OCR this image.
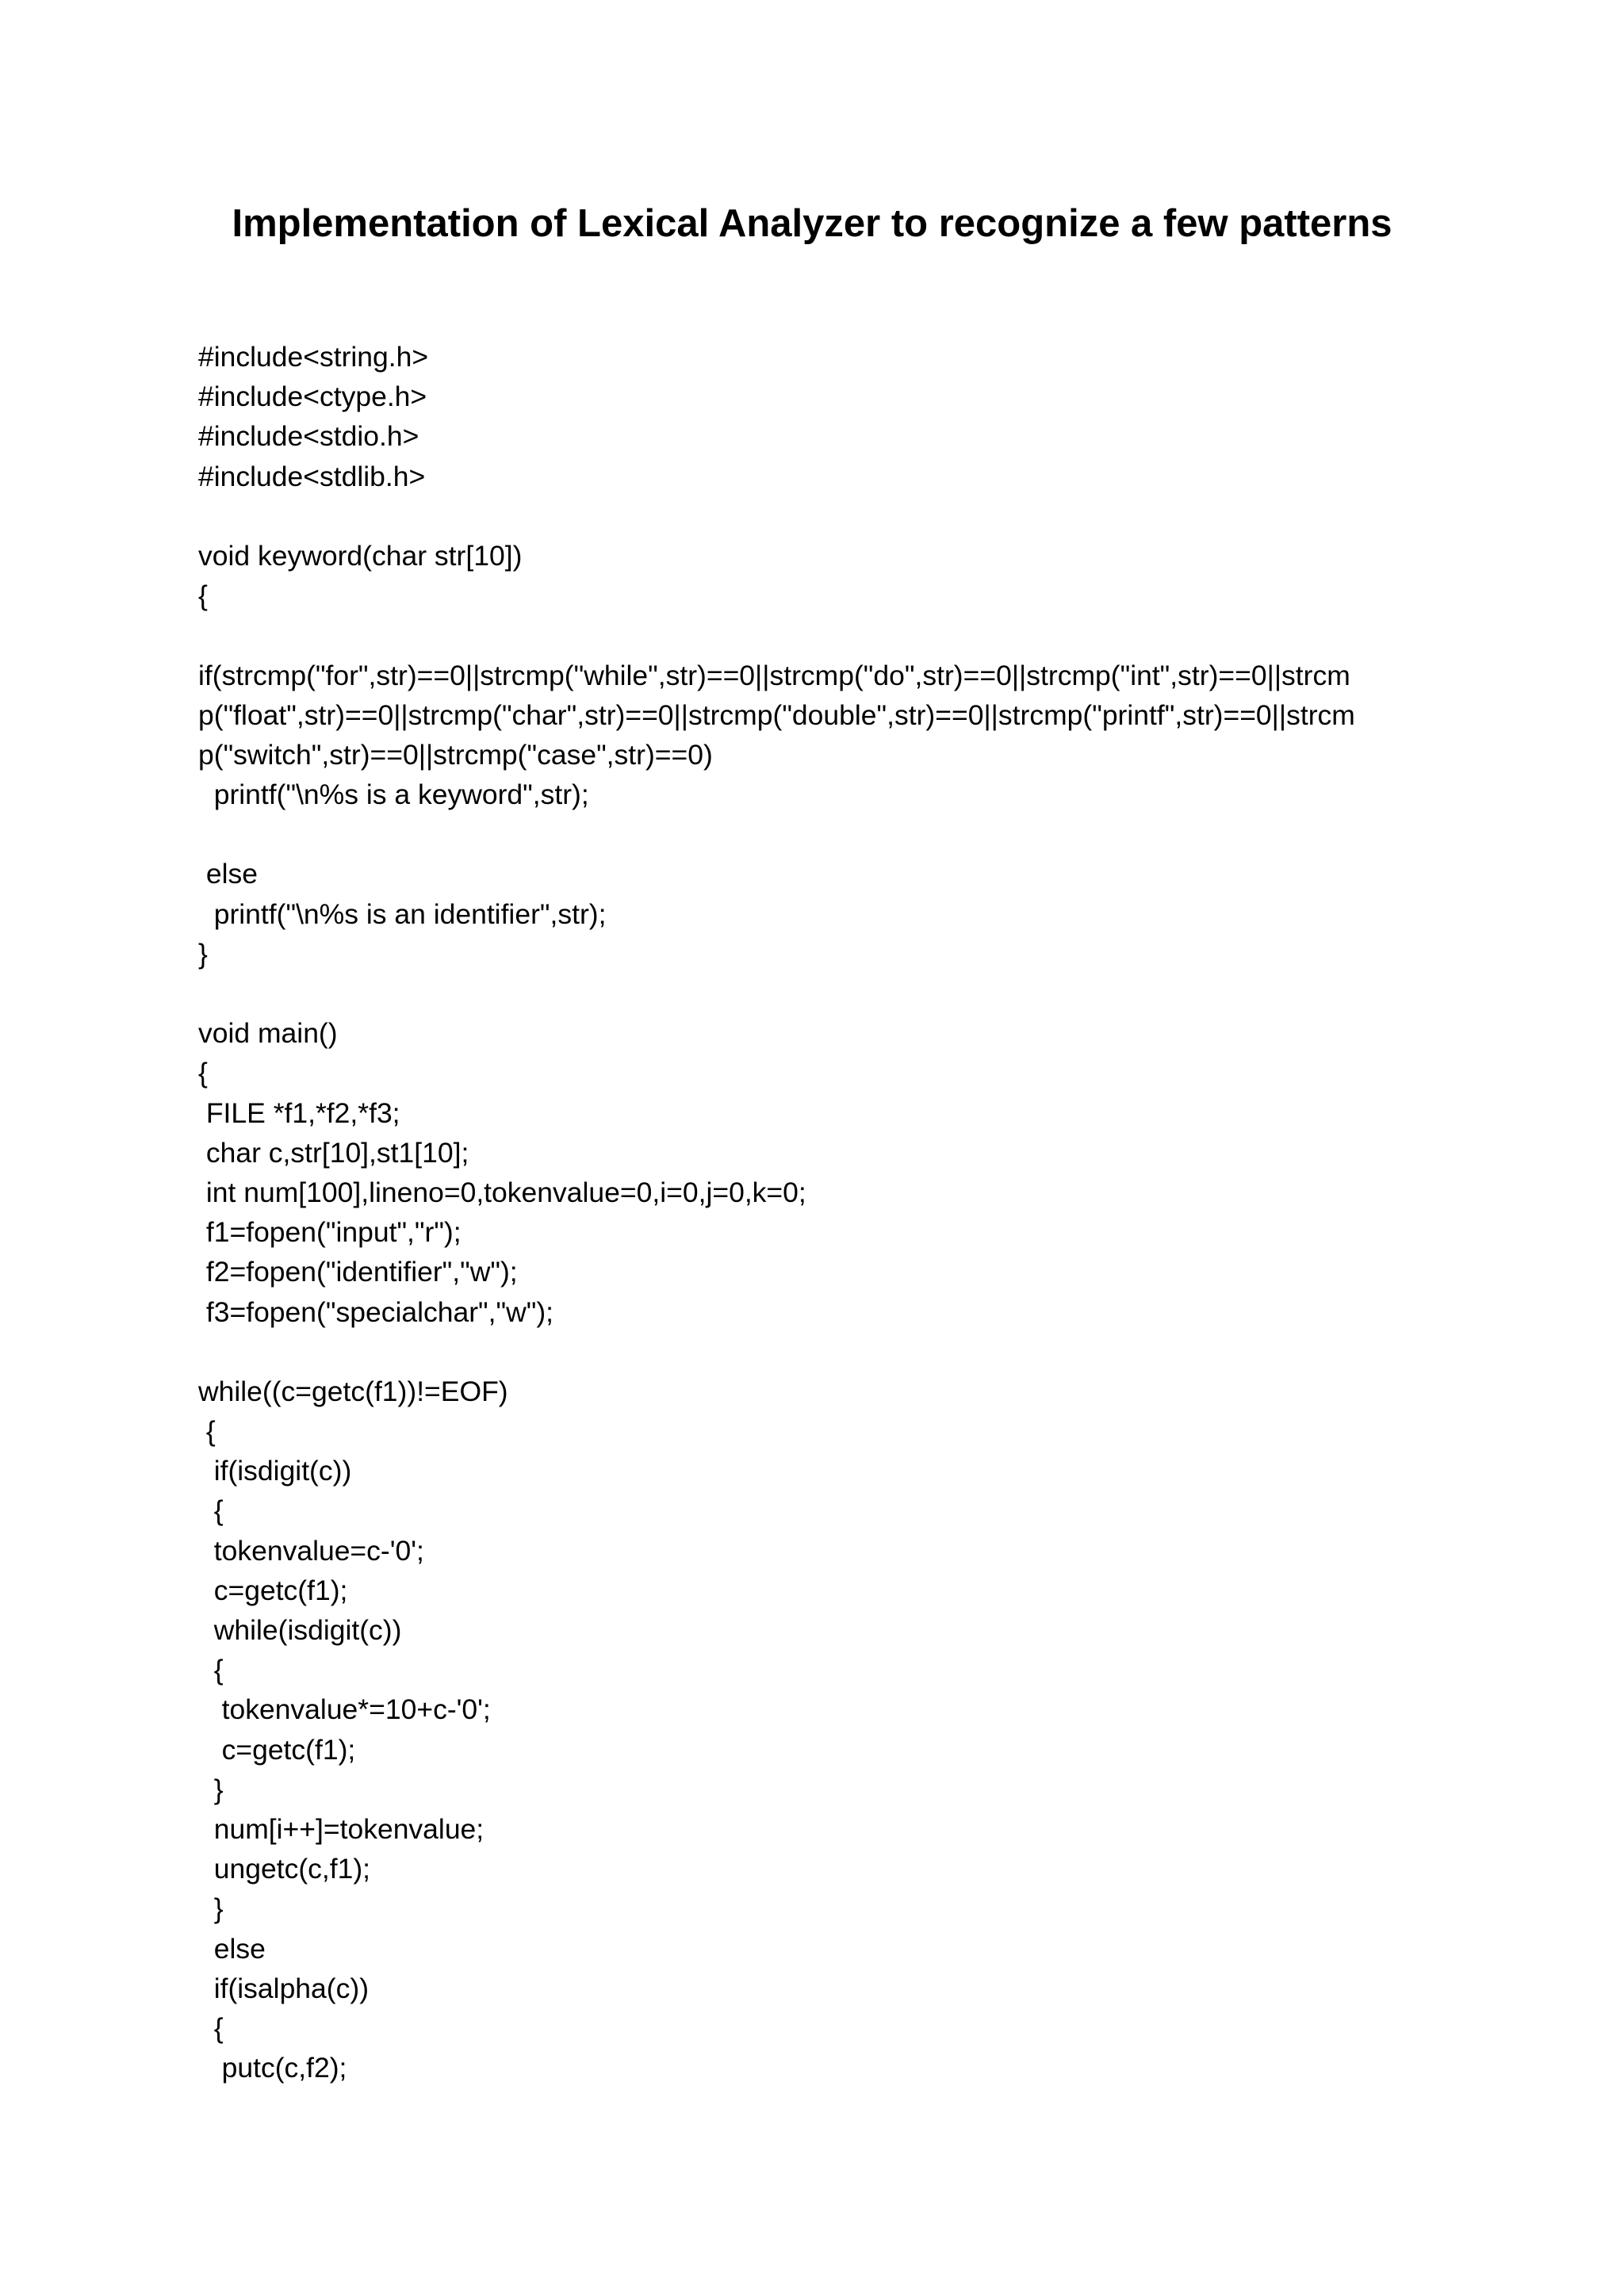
Implementation of Lexical Analyzer to recognize a few patterns
#include<string.h>
#include<ctype.h>
#include<stdio.h>
#include<stdlib.h>
void keyword(char str[10])
{
if(strcmp("for",str)==0||strcmp("while",str)==0||strcmp("do",str)==0||strcmp("int",str)==0||strcm
p("float",str)==0||strcmp("char",str)==0||strcmp("double",str)==0||strcmp("printf",str)==0||strcm
p("switch",str)==0||strcmp("case",str)==0)
printf("\n%s is a keyword",str);
else
printf("\n%s is an identifier",str);
}
void main()
{
FILE *f1,*f2,*f3;
char c,str[10],st1[10];
int num[100],lineno=0,tokenvalue=0,i=0,j=0,k=0;
f1=fopen("input","r");
f2=fopen("identifier","w");
f3=fopen("specialchar","w");
while((c=getc(f1))!=EOF)
{
if(isdigit(c))
{
tokenvalue=c-'0';
c=getc(f1);
while(isdigit(c))
{
tokenvalue*=10+c-'0';
c=getc(f1);
}
num[i++]=tokenvalue;
ungetc(c,f1);
}
else
if(isalpha(c))
{
putc(c,f2);
